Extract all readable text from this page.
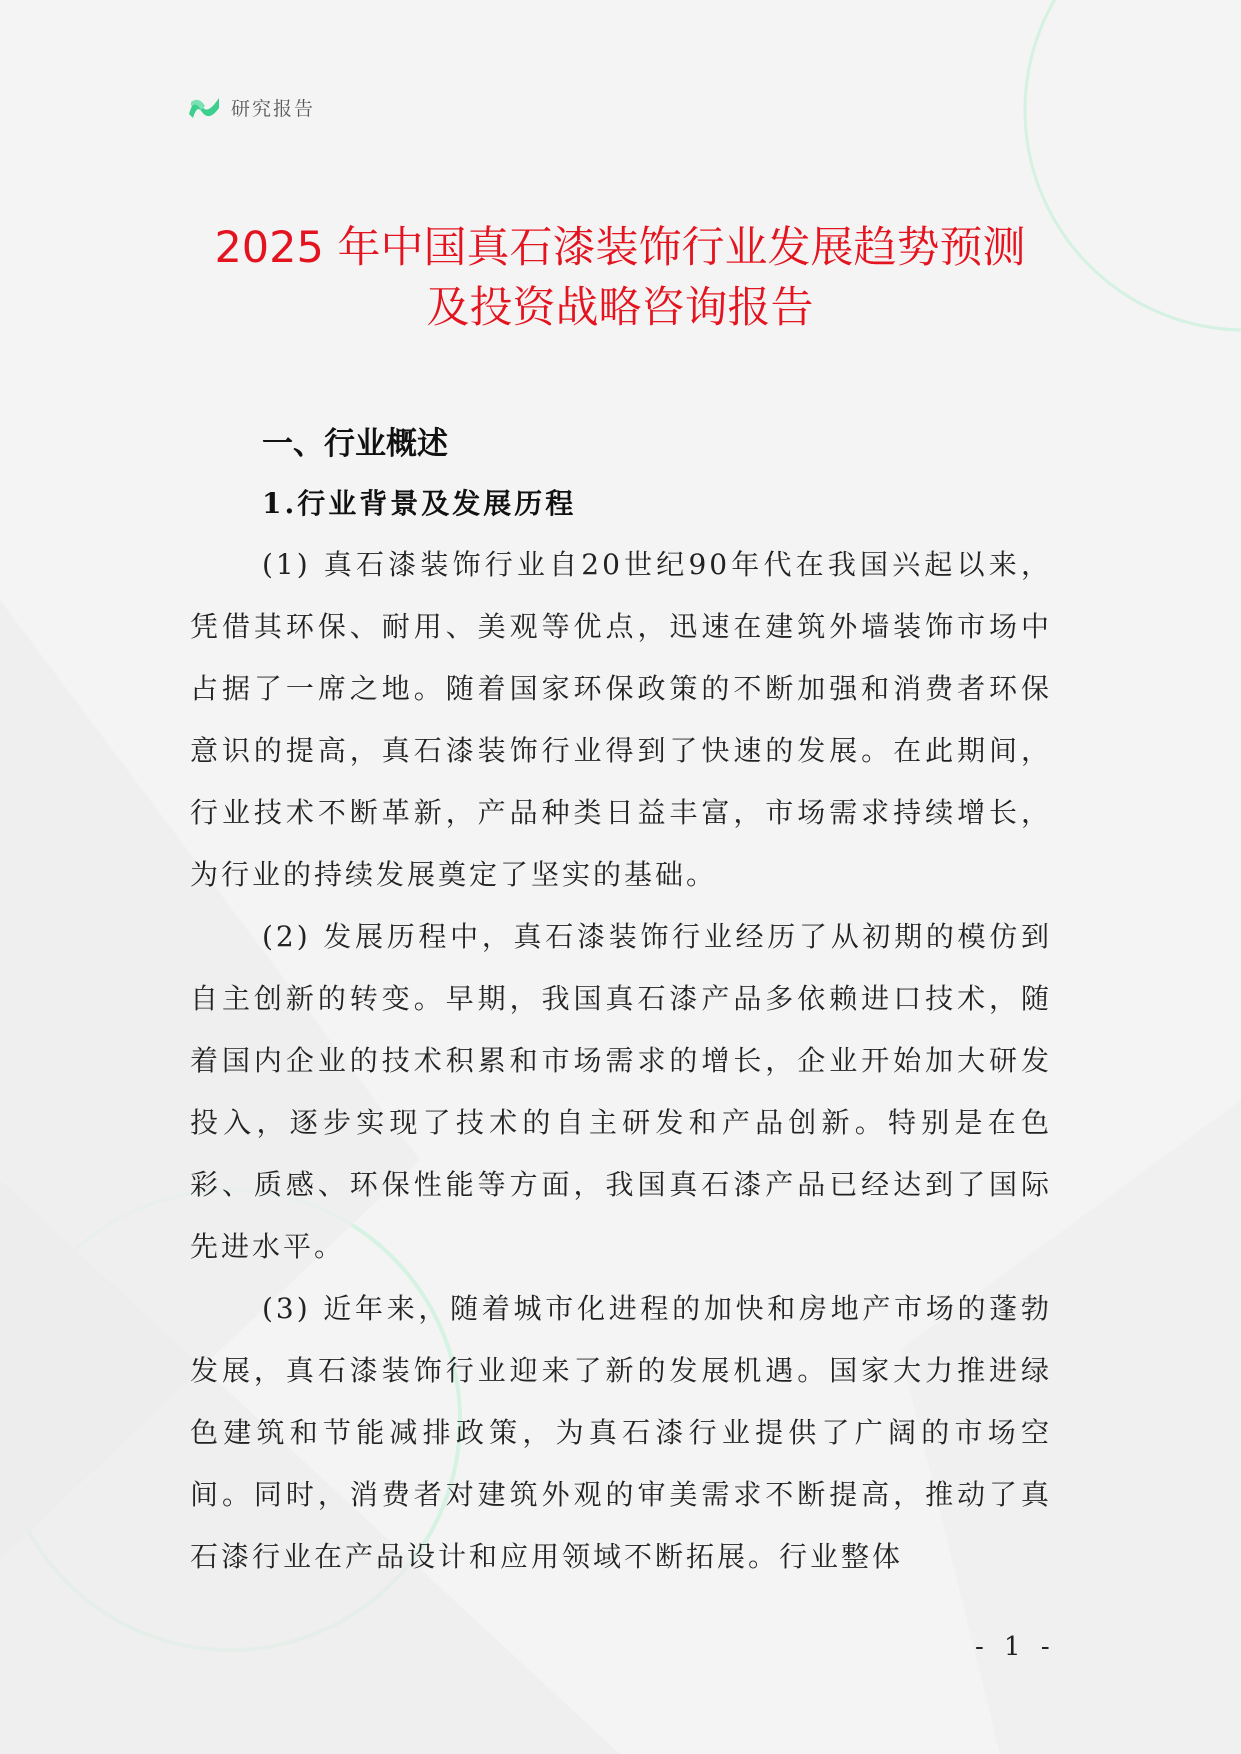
研究报告
2025 年中国真石漆装饰行业发展趋势预测
及投资战略咨询报告
一、行业概述
1.行业背景及发展历程

(1) 真石漆装饰行业自20世纪90年代在我国兴起以来，凭借其环保、耐用、美观等优点，迅速在建筑外墙装饰市场中占据了一席之地。随着国家环保政策的不断加强和消费者环保意识的提高，真石漆装饰行业得到了快速的发展。在此期间，行业技术不断革新，产品种类日益丰富，市场需求持续增长，为行业的持续发展奠定了坚实的基础。

(2) 发展历程中，真石漆装饰行业经历了从初期的模仿到自主创新的转变。早期，我国真石漆产品多依赖进口技术，随着国内企业的技术积累和市场需求的增长，企业开始加大研发投入，逐步实现了技术的自主研发和产品创新。特别是在色彩、质感、环保性能等方面，我国真石漆产品已经达到了国际先进水平。

(3) 近年来，随着城市化进程的加快和房地产市场的蓬勃发展，真石漆装饰行业迎来了新的发展机遇。国家大力推进绿色建筑和节能减排政策，为真石漆行业提供了广阔的市场空间。同时，消费者对建筑外观的审美需求不断提高，推动了真石漆行业在产品设计和应用领域不断拓展。行业整体

- 1 -
